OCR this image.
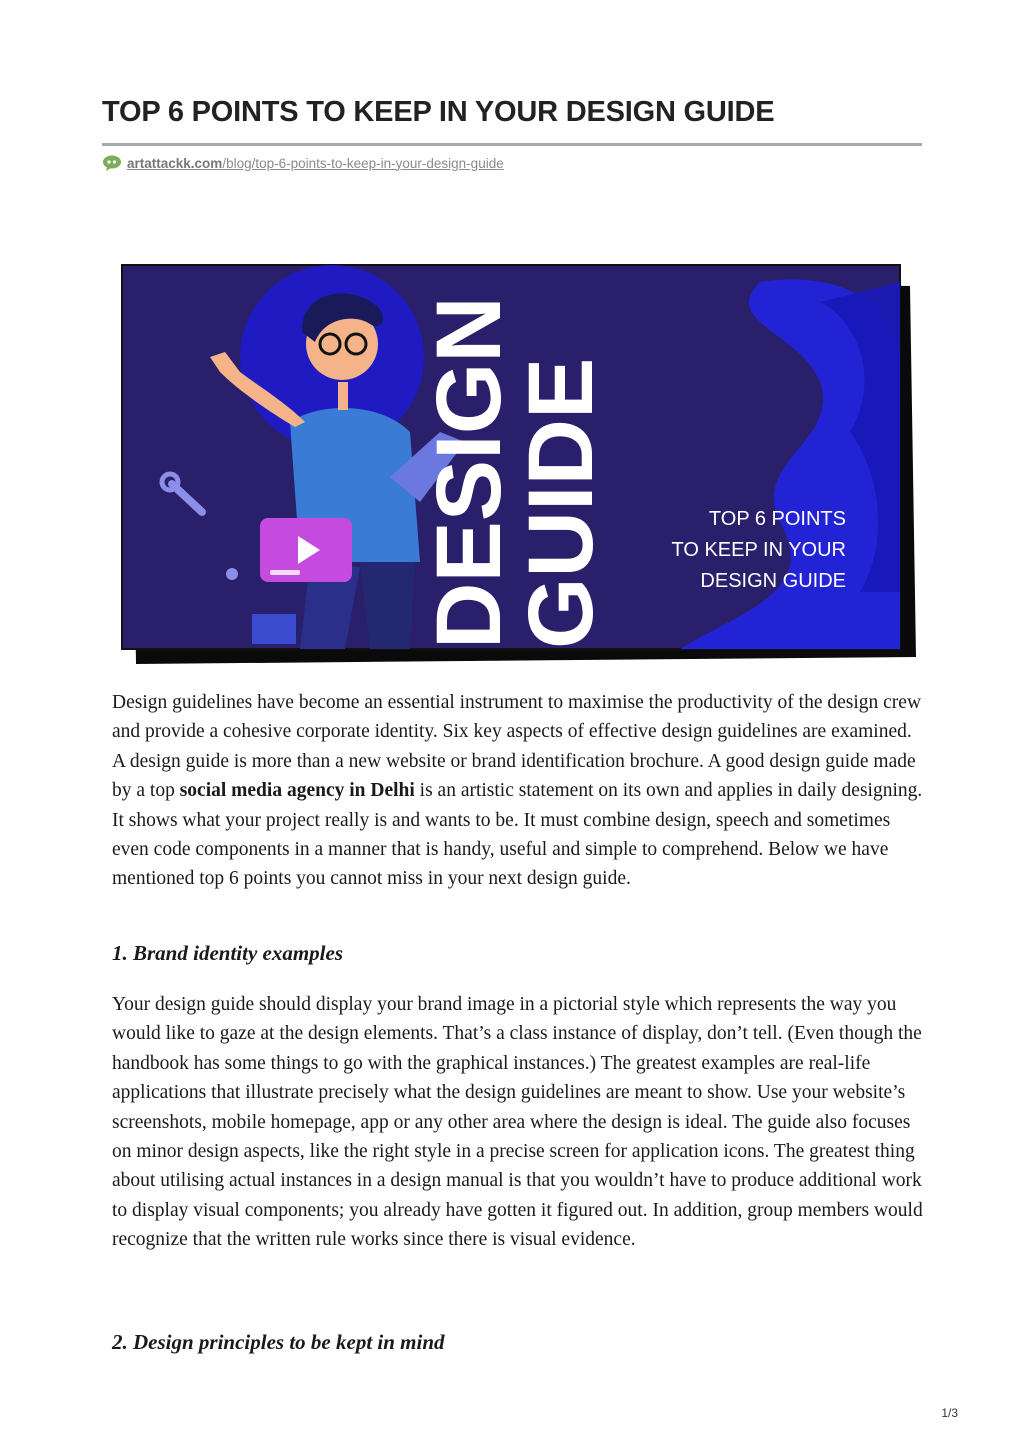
TOP 6 POINTS TO KEEP IN YOUR DESIGN GUIDE
artattackk.com/blog/top-6-points-to-keep-in-your-design-guide
DESIGN
GUIDE	TOP 6 POINTS
TO KEEP IN YOUR
DESIGN GUIDE

Design guidelines have become an essential instrument to maximise the productivity of the design crew and provide a cohesive corporate identity. Six key aspects of effective design guidelines are examined. A design guide is more than a new website or brand identification brochure. A good design guide made by a top social media agency in Delhi is an artistic statement on its own and applies in daily designing. It shows what your project really is and wants to be. It must combine design, speech and sometimes even code components in a manner that is handy, useful and simple to comprehend. Below we have mentioned top 6 points you cannot miss in your next design guide.

1. Brand identity examples

Your design guide should display your brand image in a pictorial style which represents the way you would like to gaze at the design elements. That’s a class instance of display, don’t tell. (Even though the handbook has some things to go with the graphical instances.) The greatest examples are real-life applications that illustrate precisely what the design guidelines are meant to show. Use your website’s screenshots, mobile homepage, app or any other area where the design is ideal. The guide also focuses on minor design aspects, like the right style in a precise screen for application icons. The greatest thing about utilising actual instances in a design manual is that you wouldn’t have to produce additional work to display visual components; you already have gotten it figured out. In addition, group members would recognize that the written rule works since there is visual evidence.

2. Design principles to be kept in mind
1/3
